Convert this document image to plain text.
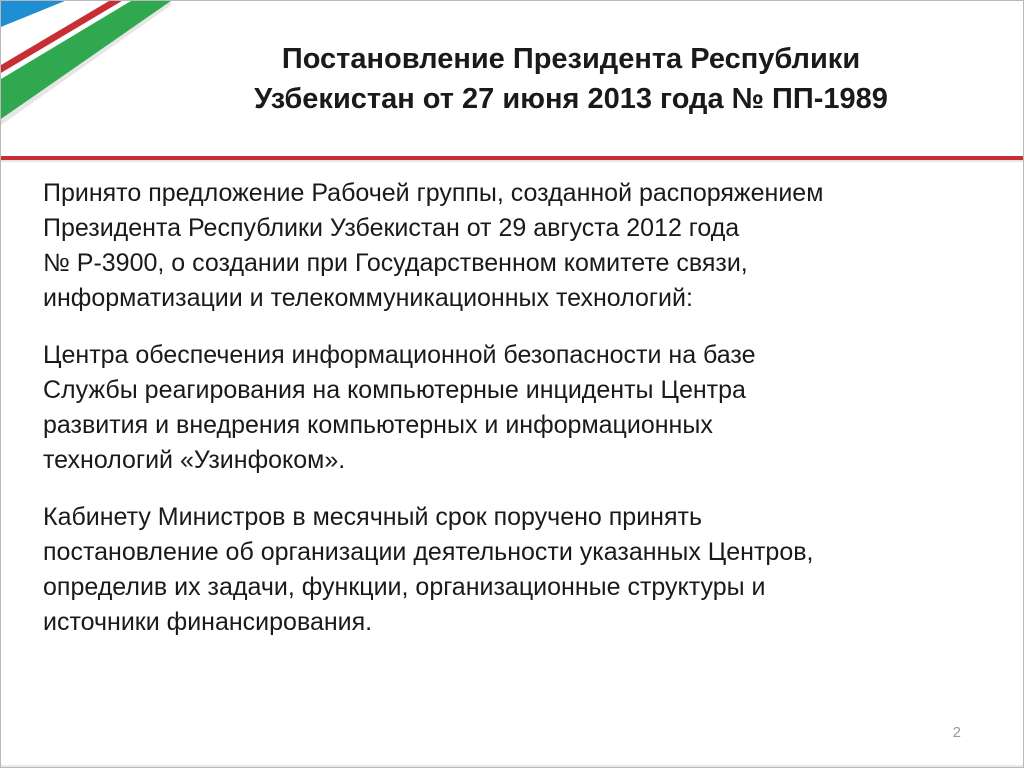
Постановление Президента Республики
Узбекистан от 27 июня 2013 года № ПП-1989

Принято предложение Рабочей группы, созданной распоряжением
Президента Республики Узбекистан от 29 августа 2012 года
№ Р-3900, о создании при Государственном комитете связи,
информатизации и телекоммуникационных технологий:

Центра обеспечения информационной безопасности на базе
Службы реагирования на компьютерные инциденты Центра
развития и внедрения компьютерных и информационных
технологий «Узинфоком».

Кабинету Министров в месячный срок поручено принять
постановление об организации деятельности указанных Центров,
определив их задачи, функции, организационные структуры и
источники финансирования.

2
